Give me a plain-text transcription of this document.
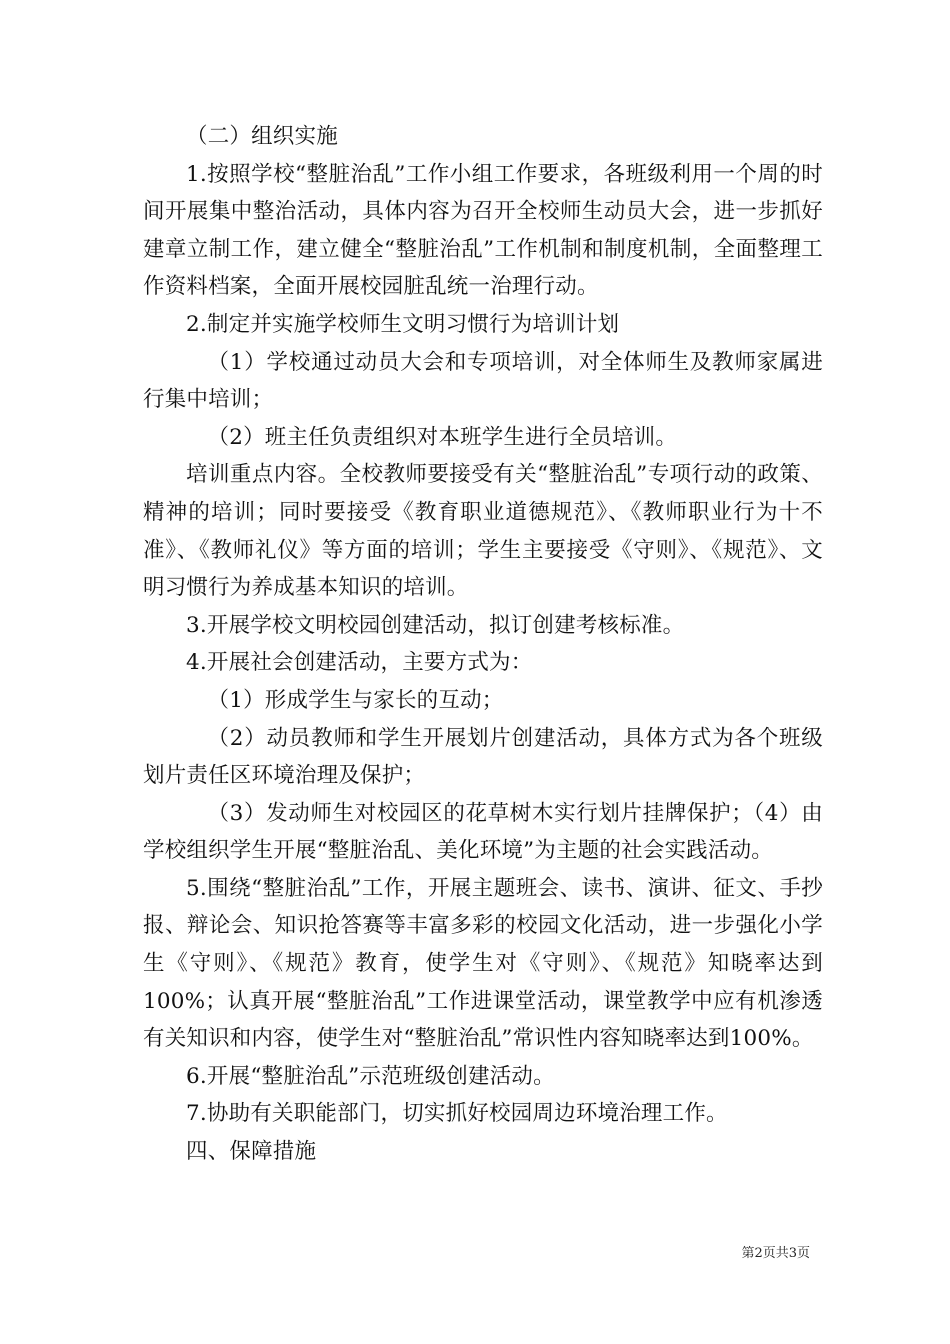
（二）组织实施

1.按照学校“整脏治乱”工作小组工作要求，各班级利用一个周的时间开展集中整治活动，具体内容为召开全校师生动员大会，进一步抓好建章立制工作，建立健全“整脏治乱”工作机制和制度机制，全面整理工作资料档案，全面开展校园脏乱统一治理行动。

2.制定并实施学校师生文明习惯行为培训计划

（1）学校通过动员大会和专项培训，对全体师生及教师家属进行集中培训；

（2）班主任负责组织对本班学生进行全员培训。

培训重点内容。全校教师要接受有关“整脏治乱”专项行动的政策、精神的培训；同时要接受《教育职业道德规范》、《教师职业行为十不准》、《教师礼仪》等方面的培训；学生主要接受《守则》、《规范》、文明习惯行为养成基本知识的培训。

3.开展学校文明校园创建活动，拟订创建考核标准。

4.开展社会创建活动，主要方式为：

（1）形成学生与家长的互动；

（2）动员教师和学生开展划片创建活动，具体方式为各个班级划片责任区环境治理及保护；

（3）发动师生对校园区的花草树木实行划片挂牌保护；（4）由学校组织学生开展“整脏治乱、美化环境”为主题的社会实践活动。

5.围绕“整脏治乱”工作，开展主题班会、读书、演讲、征文、手抄报、辩论会、知识抢答赛等丰富多彩的校园文化活动，进一步强化小学生《守则》、《规范》教育，使学生对《守则》、《规范》知晓率达到100%；认真开展“整脏治乱”工作进课堂活动，课堂教学中应有机渗透有关知识和内容，使学生对“整脏治乱”常识性内容知晓率达到100%。

6.开展“整脏治乱”示范班级创建活动。

7.协助有关职能部门，切实抓好校园周边环境治理工作。

四、保障措施

第2页共3页
